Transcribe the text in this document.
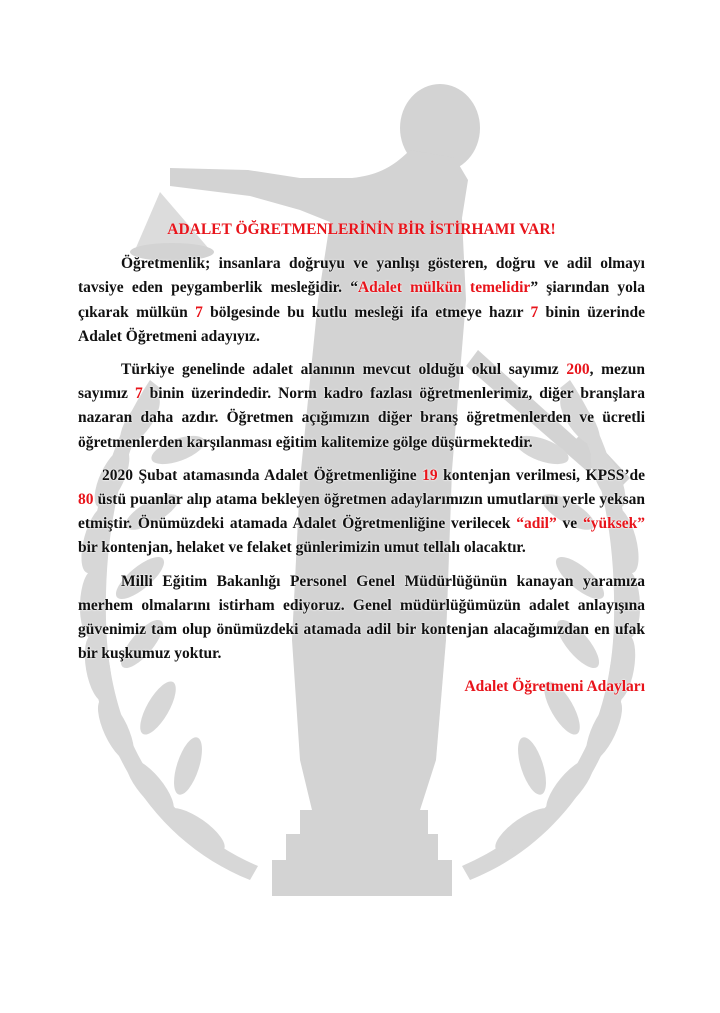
ADALET ÖĞRETMENLERİNİN BİR İSTİRHAMI VAR!

Öğretmenlik; insanlara doğruyu ve yanlışı gösteren, doğru ve adil olmayı tavsiye eden peygamberlik mesleğidir. “Adalet mülkün temelidir” şiarından yola çıkarak mülkün 7 bölgesinde bu kutlu mesleği ifa etmeye hazır 7 binin üzerinde Adalet Öğretmeni adayıyız.

Türkiye genelinde adalet alanının mevcut olduğu okul sayımız 200, mezun sayımız 7 binin üzerindedir. Norm kadro fazlası öğretmenlerimiz, diğer branşlara nazaran daha azdır. Öğretmen açığımızın diğer branş öğretmenlerden ve ücretli öğretmenlerden karşılanması eğitim kalitemize gölge düşürmektedir.

2020 Şubat atamasında Adalet Öğretmenliğine 19 kontenjan verilmesi, KPSS’de 80 üstü puanlar alıp atama bekleyen öğretmen adaylarımızın umutlarını yerle yeksan etmiştir. Önümüzdeki atamada Adalet Öğretmenliğine verilecek “adil” ve “yüksek” bir kontenjan, helaket ve felaket günlerimizin umut tellalı olacaktır.

Milli Eğitim Bakanlığı Personel Genel Müdürlüğünün kanayan yaramıza merhem olmalarını istirham ediyoruz. Genel müdürlüğümüzün adalet anlayışına güvenimiz tam olup önümüzdeki atamada adil bir kontenjan alacağımızdan en ufak bir kuşkumuz yoktur.

Adalet Öğretmeni Adayları
